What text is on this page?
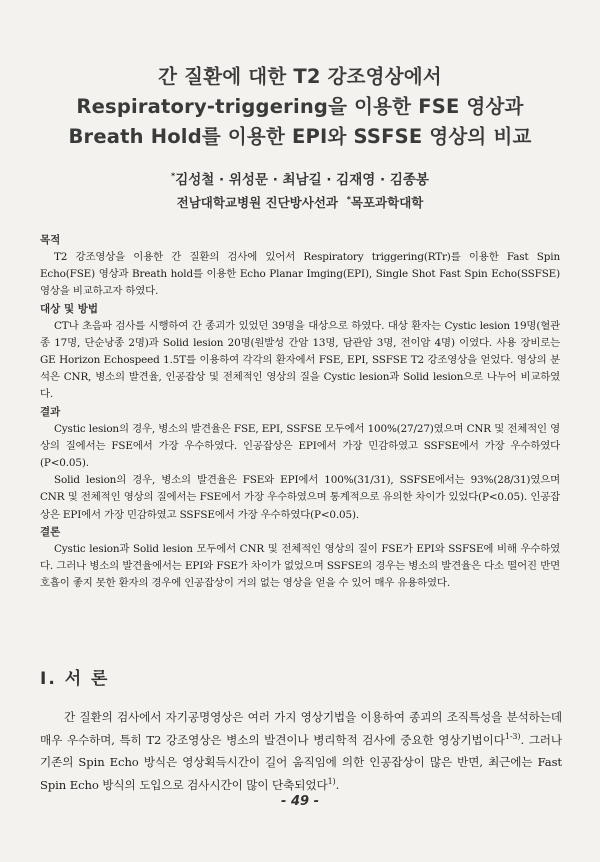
간 질환에 대한 T2 강조영상에서
Respiratory-triggering을 이용한 FSE 영상과
Breath Hold를 이용한 EPI와 SSFSE 영상의 비교
*김성철 · 위성문 · 최남길 · 김재영 · 김종봉
전남대학교병원 진단방사선과 *목포과학대학
목적

T2 강조영상을 이용한 간 질환의 검사에 있어서 Respiratory triggering(RTr)를 이용한 Fast Spin Echo(FSE) 영상과 Breath hold를 이용한 Echo Planar Imging(EPI), Single Shot Fast Spin Echo(SSFSE) 영상을 비교하고자 하였다.

대상 및 방법

CT나 초음파 검사를 시행하여 간 종괴가 있었던 39명을 대상으로 하였다. 대상 환자는 Cystic lesion 19명(혈관종 17명, 단순낭종 2명)과 Solid lesion 20명(원발성 간암 13명, 담관암 3명, 전이암 4명) 이였다. 사용 장비로는 GE Horizon Echospeed 1.5T를 이용하여 각각의 환자에서 FSE, EPI, SSFSE T2 강조영상을 얻었다. 영상의 분석은 CNR, 병소의 발견율, 인공잡상 및 전체적인 영상의 질을 Cystic lesion과 Solid lesion으로 나누어 비교하였다.

결과

Cystic lesion의 경우, 병소의 발견율은 FSE, EPI, SSFSE 모두에서 100%(27/27)였으며 CNR 및 전체적인 영상의 질에서는 FSE에서 가장 우수하였다. 인공잡상은 EPI에서 가장 민감하였고 SSFSE에서 가장 우수하였다(P<0.05).

Solid lesion의 경우, 병소의 발견율은 FSE와 EPI에서 100%(31/31), SSFSE에서는 93%(28/31)였으며 CNR 및 전체적인 영상의 질에서는 FSE에서 가장 우수하였으며 통계적으로 유의한 차이가 있었다(P<0.05). 인공잡상은 EPI에서 가장 민감하였고 SSFSE에서 가장 우수하였다(P<0.05).

결론

Cystic lesion과 Solid lesion 모두에서 CNR 및 전체적인 영상의 질이 FSE가 EPI와 SSFSE에 비해 우수하였다. 그러나 병소의 발견율에서는 EPI와 FSE가 차이가 없었으며 SSFSE의 경우는 병소의 발견율은 다소 떨어진 반면 호흡이 좋지 못한 환자의 경우에 인공잡상이 거의 없는 영상을 얻을 수 있어 매우 유용하였다.

Ⅰ. 서 론

간 질환의 검사에서 자기공명영상은 여러 가지 영상기법을 이용하여 종괴의 조직특성을 분석하는데 매우 우수하며, 특히 T2 강조영상은 병소의 발견이나 병리학적 검사에 중요한 영상기법이다$^{1-3)}$. 그러나 기존의 Spin Echo 방식은 영상획득시간이 길어 움직임에 의한 인공잡상이 많은 반면, 최근에는 Fast Spin Echo 방식의 도입으로 검사시간이 많이 단축되었다$^{1)}$.

- 49 -
